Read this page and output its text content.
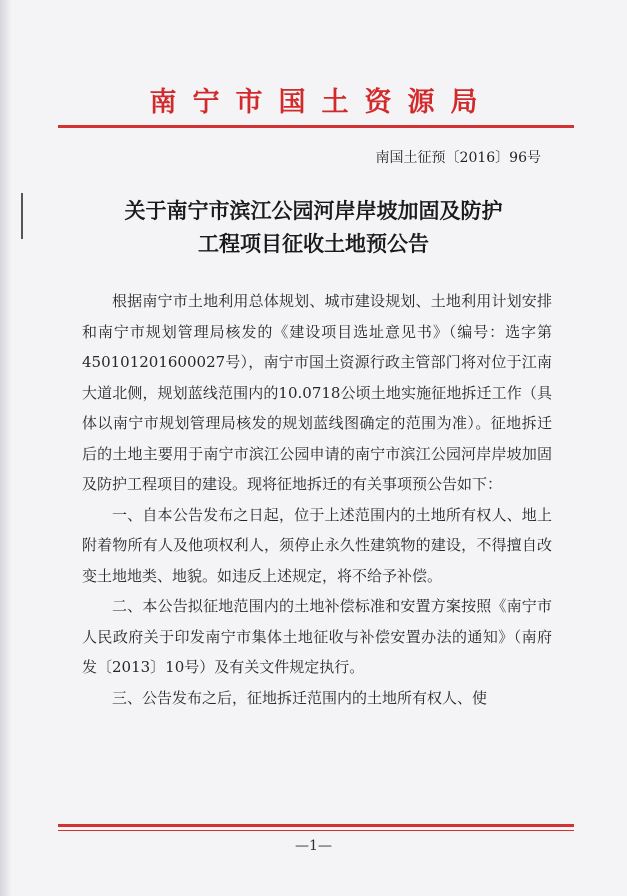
南宁市国土资源局
南国土征预〔2016〕96号
关于南宁市滨江公园河岸岸坡加固及防护
工程项目征收土地预公告

根据南宁市土地利用总体规划、城市建设规划、土地利用计划安排和南宁市规划管理局核发的《建设项目选址意见书》（编号：选字第450101201600027号），南宁市国土资源行政主管部门将对位于江南大道北侧，规划蓝线范围内的10.0718公顷土地实施征地拆迁工作（具体以南宁市规划管理局核发的规划蓝线图确定的范围为准）。征地拆迁后的土地主要用于南宁市滨江公园申请的南宁市滨江公园河岸岸坡加固及防护工程项目的建设。现将征地拆迁的有关事项预公告如下：

一、自本公告发布之日起，位于上述范围内的土地所有权人、地上附着物所有人及他项权利人，须停止永久性建筑物的建设，不得擅自改变土地地类、地貌。如违反上述规定，将不给予补偿。

二、本公告拟征地范围内的土地补偿标准和安置方案按照《南宁市人民政府关于印发南宁市集体土地征收与补偿安置办法的通知》（南府发〔2013〕10号）及有关文件规定执行。

三、公告发布之后，征地拆迁范围内的土地所有权人、使

—1—
